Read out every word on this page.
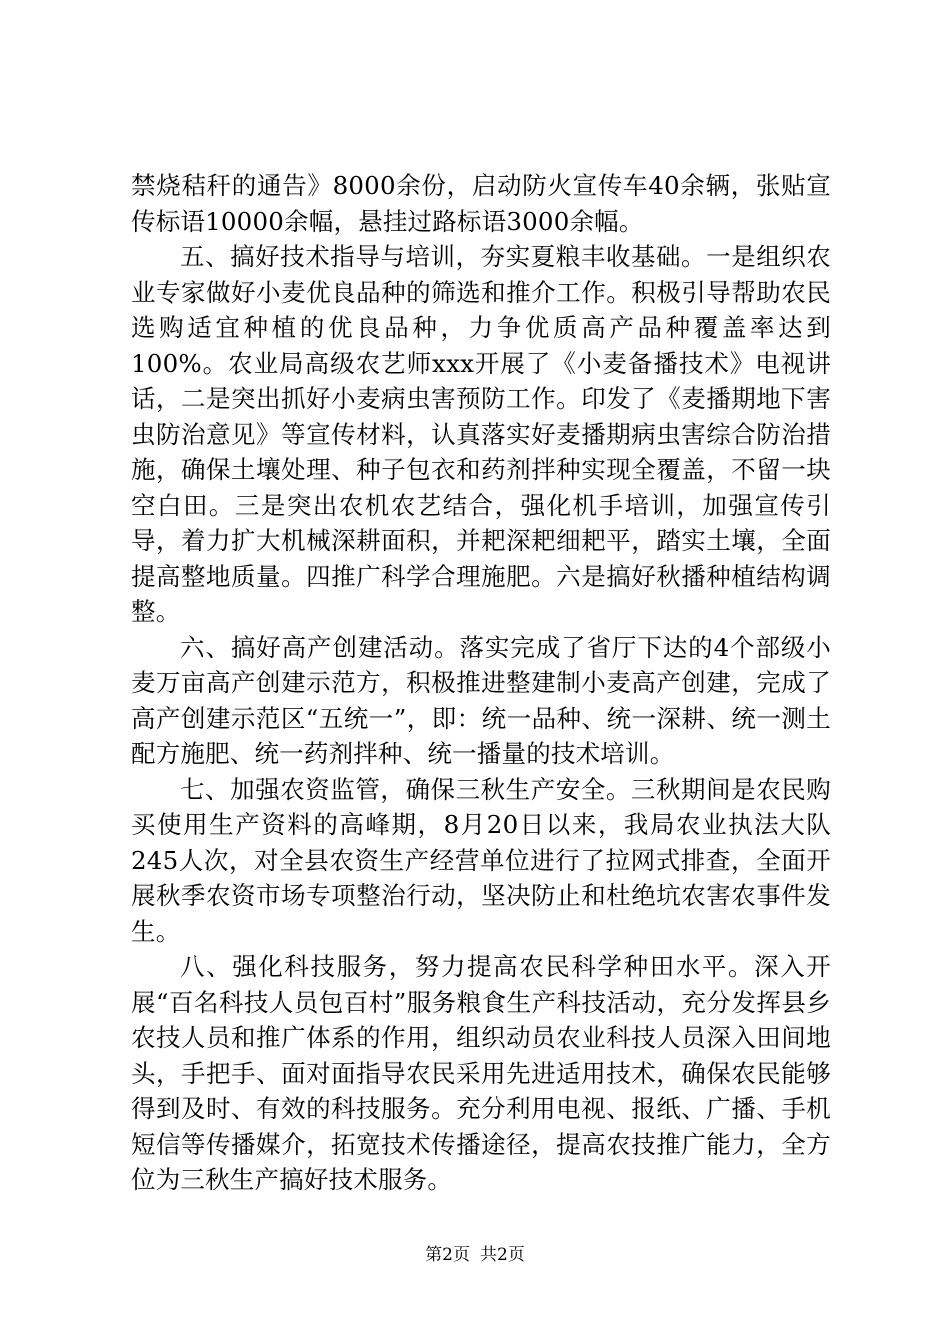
禁烧秸秆的通告》8000余份，启动防火宣传车40余辆，张贴宣传标语10000余幅，悬挂过路标语3000余幅。

五、搞好技术指导与培训，夯实夏粮丰收基础。一是组织农业专家做好小麦优良品种的筛选和推介工作。积极引导帮助农民选购适宜种植的优良品种，力争优质高产品种覆盖率达到100%。农业局高级农艺师xxx开展了《小麦备播技术》电视讲话，二是突出抓好小麦病虫害预防工作。印发了《麦播期地下害虫防治意见》等宣传材料，认真落实好麦播期病虫害综合防治措施，确保土壤处理、种子包衣和药剂拌种实现全覆盖，不留一块空白田。三是突出农机农艺结合，强化机手培训，加强宣传引导，着力扩大机械深耕面积，并耙深耙细耙平，踏实土壤，全面提高整地质量。四推广科学合理施肥。六是搞好秋播种植结构调整。

六、搞好高产创建活动。落实完成了省厅下达的4个部级小麦万亩高产创建示范方，积极推进整建制小麦高产创建，完成了高产创建示范区“五统一”，即：统一品种、统一深耕、统一测土配方施肥、统一药剂拌种、统一播量的技术培训。

七、加强农资监管，确保三秋生产安全。三秋期间是农民购买使用生产资料的高峰期，8月20日以来，我局农业执法大队245人次，对全县农资生产经营单位进行了拉网式排查，全面开展秋季农资市场专项整治行动，坚决防止和杜绝坑农害农事件发生。

八、强化科技服务，努力提高农民科学种田水平。深入开展“百名科技人员包百村”服务粮食生产科技活动，充分发挥县乡农技人员和推广体系的作用，组织动员农业科技人员深入田间地头，手把手、面对面指导农民采用先进适用技术，确保农民能够得到及时、有效的科技服务。充分利用电视、报纸、广播、手机短信等传播媒介，拓宽技术传播途径，提高农技推广能力，全方位为三秋生产搞好技术服务。

第2页 共2页
